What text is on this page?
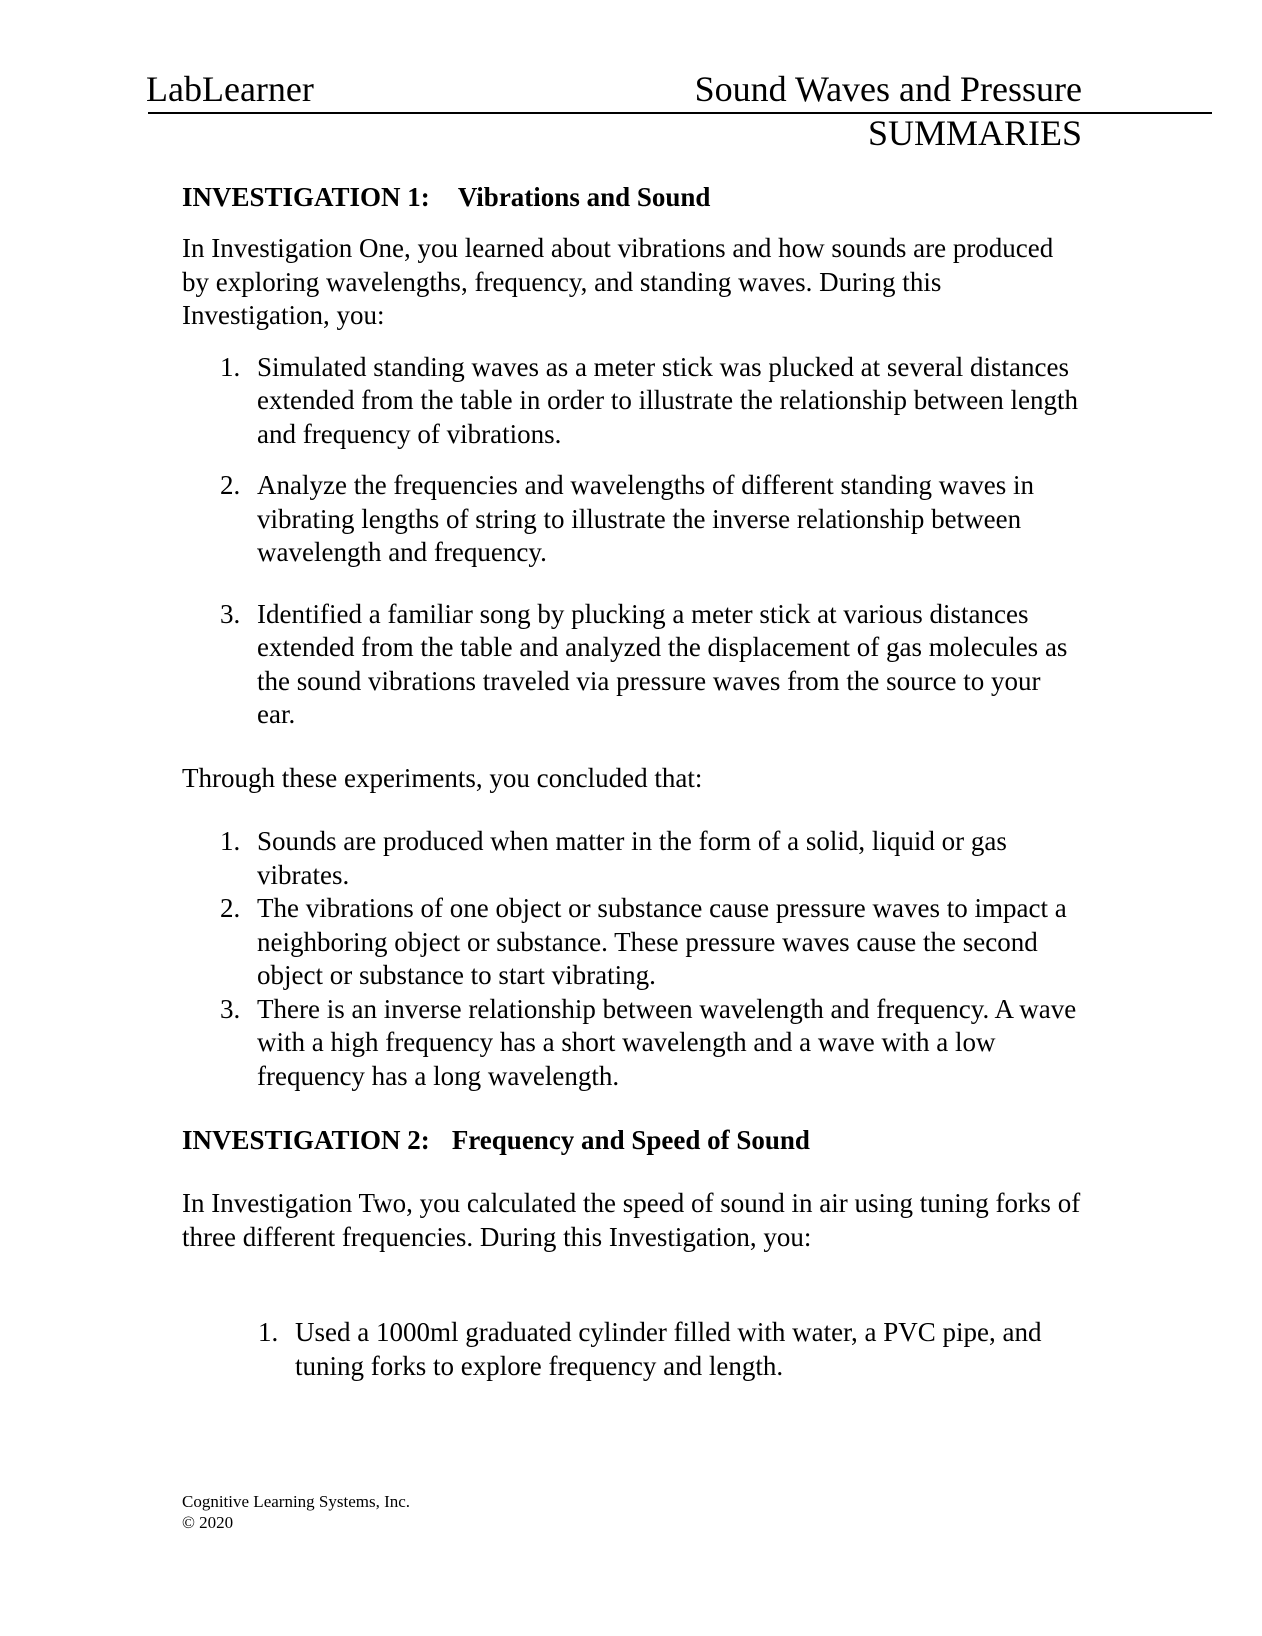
LabLearner	Sound Waves and Pressure
SUMMARIES
INVESTIGATION 1: Vibrations and Sound

In Investigation One, you learned about vibrations and how sounds are produced by exploring wavelengths, frequency, and standing waves. During this Investigation, you:

1. Simulated standing waves as a meter stick was plucked at several distances extended from the table in order to illustrate the relationship between length and frequency of vibrations.
2. Analyze the frequencies and wavelengths of different standing waves in vibrating lengths of string to illustrate the inverse relationship between wavelength and frequency.
3. Identified a familiar song by plucking a meter stick at various distances extended from the table and analyzed the displacement of gas molecules as the sound vibrations traveled via pressure waves from the source to your ear.

Through these experiments, you concluded that:

1. Sounds are produced when matter in the form of a solid, liquid or gas vibrates.
2. The vibrations of one object or substance cause pressure waves to impact a neighboring object or substance. These pressure waves cause the second object or substance to start vibrating.
3. There is an inverse relationship between wavelength and frequency. A wave with a high frequency has a short wavelength and a wave with a low frequency has a long wavelength.
INVESTIGATION 2: Frequency and Speed of Sound

In Investigation Two, you calculated the speed of sound in air using tuning forks of three different frequencies. During this Investigation, you:

1. Used a 1000ml graduated cylinder filled with water, a PVC pipe, and tuning forks to explore frequency and length.
Cognitive Learning Systems, Inc.
© 2020
